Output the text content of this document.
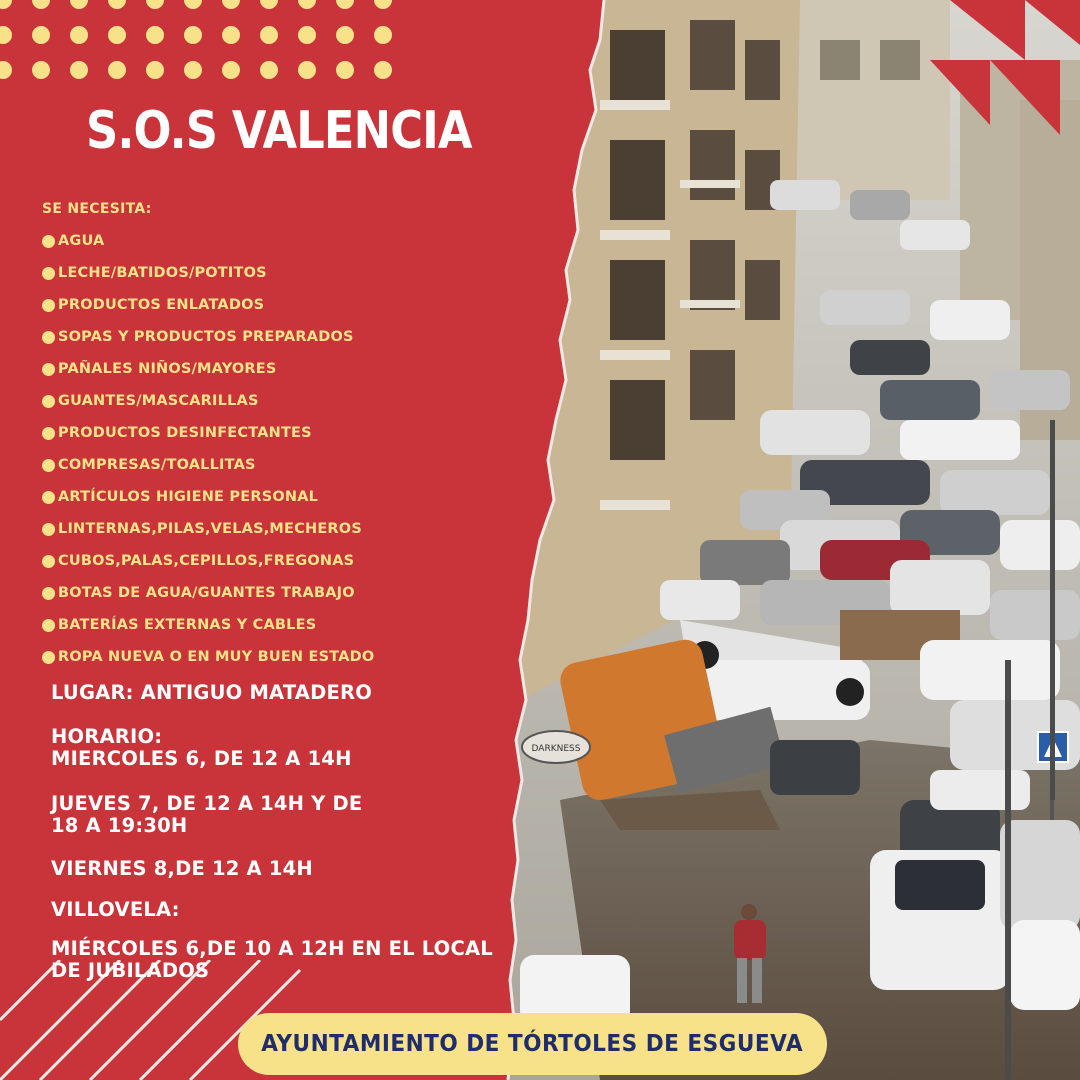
DARKNESS
S.O.S VALENCIA
SE NECESITA:
AGUA
LECHE/BATIDOS/POTITOS
PRODUCTOS ENLATADOS
SOPAS Y PRODUCTOS PREPARADOS
PAÑALES NIÑOS/MAYORES
GUANTES/MASCARILLAS
PRODUCTOS DESINFECTANTES
COMPRESAS/TOALLITAS
ARTÍCULOS HIGIENE PERSONAL
LINTERNAS,PILAS,VELAS,MECHEROS
CUBOS,PALAS,CEPILLOS,FREGONAS
BOTAS DE AGUA/GUANTES TRABAJO
BATERÍAS EXTERNAS Y CABLES
ROPA NUEVA O EN MUY BUEN ESTADO
LUGAR: ANTIGUO MATADERO
HORARIO:
MIERCOLES 6, DE 12 A 14H
JUEVES 7, DE 12 A 14H Y DE
18 A 19:30H
VIERNES 8,DE 12 A 14H
VILLOVELA:
MIÉRCOLES 6,DE 10 A 12H EN EL LOCAL
DE JUBILADOS
AYUNTAMIENTO DE TÓRTOLES DE ESGUEVA
